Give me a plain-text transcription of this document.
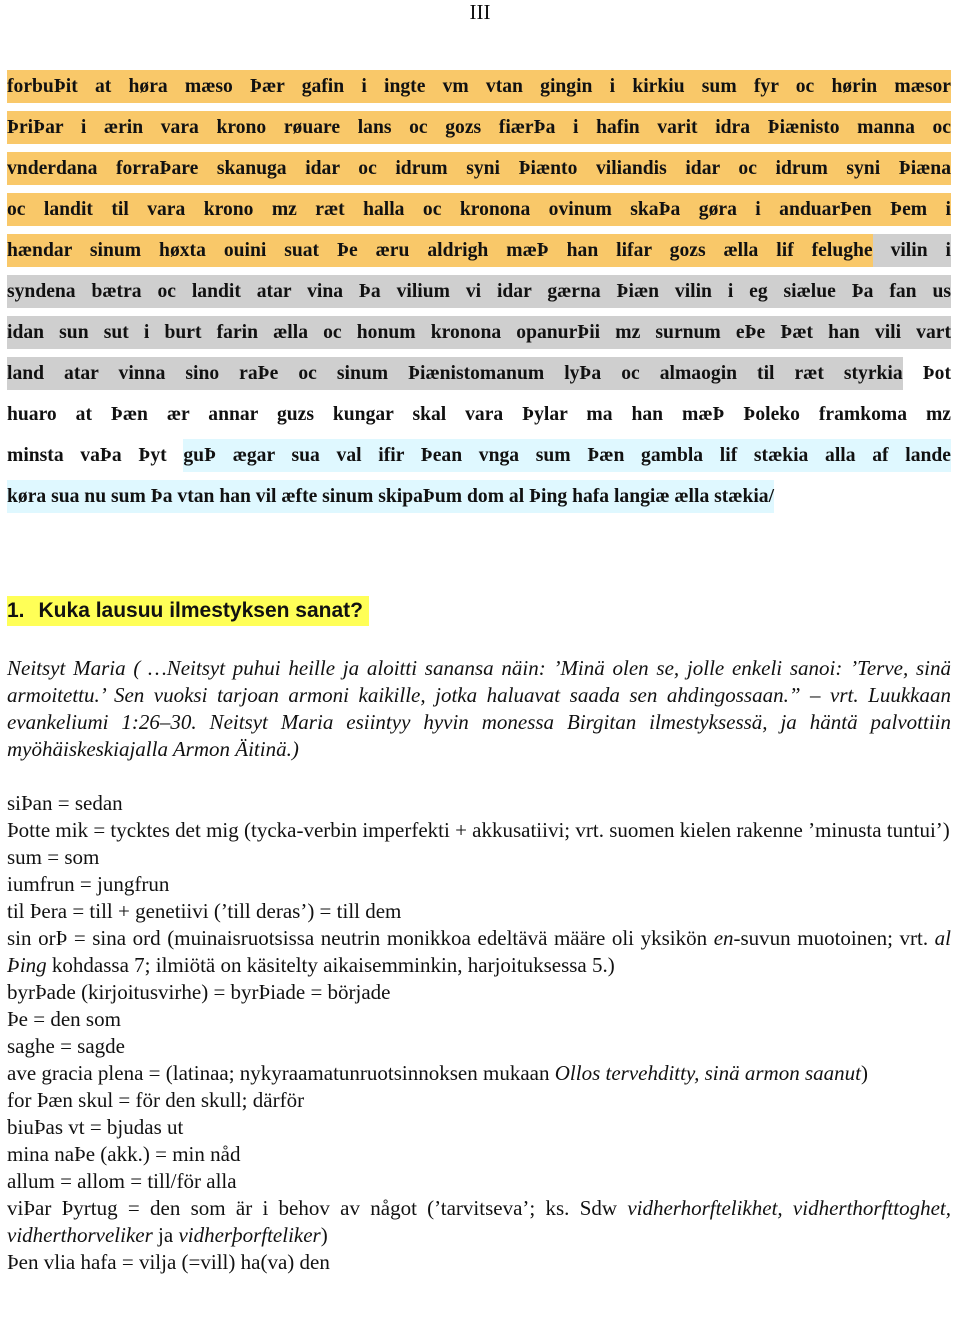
III
forbuÞit at høra mæso Þær gafin i ingte vm vtan gingin i kirkiu sum fyr oc hørin mæsor
ÞriÞar i ærin vara krono røuare lans oc gozs fiærÞa i hafin varit idra Þiænisto manna oc
vnderdana forraÞare skanuga idar oc idrum syni Þiænto viliandis idar oc idrum syni Þiæna
oc landit til vara krono mz ræt halla oc kronona ovinum skaÞa gøra i anduarÞen Þem i
hændar sinum høxta ouini suat Þe æru aldrigh mæÞ han lifar gozs ælla lif felughe vilin i
syndena bætra oc landit atar vina Þa vilium vi idar gærna Þiæn vilin i eg siælue Þa fan us
idan sun sut i burt farin ælla oc honum kronona opanurÞii mz surnum eÞe Þæt han vili vart
land atar vinna sino raÞe oc sinum Þiænistomanum lyÞa oc almaogin til ræt styrkia Þot
huaro at Þæn ær annar guzs kungar skal vara Þylar ma han mæÞ Þoleko framkoma mz
minsta vaÞa Þyt guÞ ægar sua val ifir Þean vnga sum Þæn gambla lif stækia alla af lande
køra sua nu sum Þa vtan han vil æfte sinum skipaÞum dom al Þing hafa langiæ ælla stækia/
1. Kuka lausuu ilmestyksen sanat?

Neitsyt Maria ( …Neitsyt puhui heille ja aloitti sanansa näin: ’Minä olen se, jolle enkeli sanoi: ’Terve, sinä armoitettu.’ Sen vuoksi tarjoan armoni kaikille, jotka haluavat saada sen ahdingossaan.” – vrt. Luukkaan evankeliumi 1:26–30. Neitsyt Maria esiintyy hyvin monessa Birgitan ilmestyksessä, ja häntä palvottiin myöhäiskeskiajalla Armon Äitinä.)

siÞan = sedan
Þotte mik = tycktes det mig (tycka-verbin imperfekti + akkusatiivi; vrt. suomen kielen rakenne ’minusta tuntui’)
sum = som
iumfrun = jungfrun
til Þera = till + genetiivi (’till deras’) = till dem
sin orÞ = sina ord (muinaisruotsissa neutrin monikkoa edeltävä määre oli yksikön en-suvun muotoinen; vrt. al Þing kohdassa 7; ilmiötä on käsitelty aikaisemminkin, harjoituksessa 5.)
byrÞade (kirjoitusvirhe) = byrÞiade = började
Þe = den som
saghe = sagde
ave gracia plena = (latinaa; nykyraamatunruotsinnoksen mukaan Ollos tervehditty, sinä armon saanut)
for Þæn skul = för den skull; därför
biuÞas vt = bjudas ut
mina naÞe (akk.) = min nåd
allum = allom = till/för alla
viÞar Þyrtug = den som är i behov av något (’tarvitseva’; ks. Sdw vidherhorftelikhet, vidherthorfttoghet, vidherthorveliker ja vidherþorfteliker)
Þen vlia hafa = vilja (=vill) ha(va) den
